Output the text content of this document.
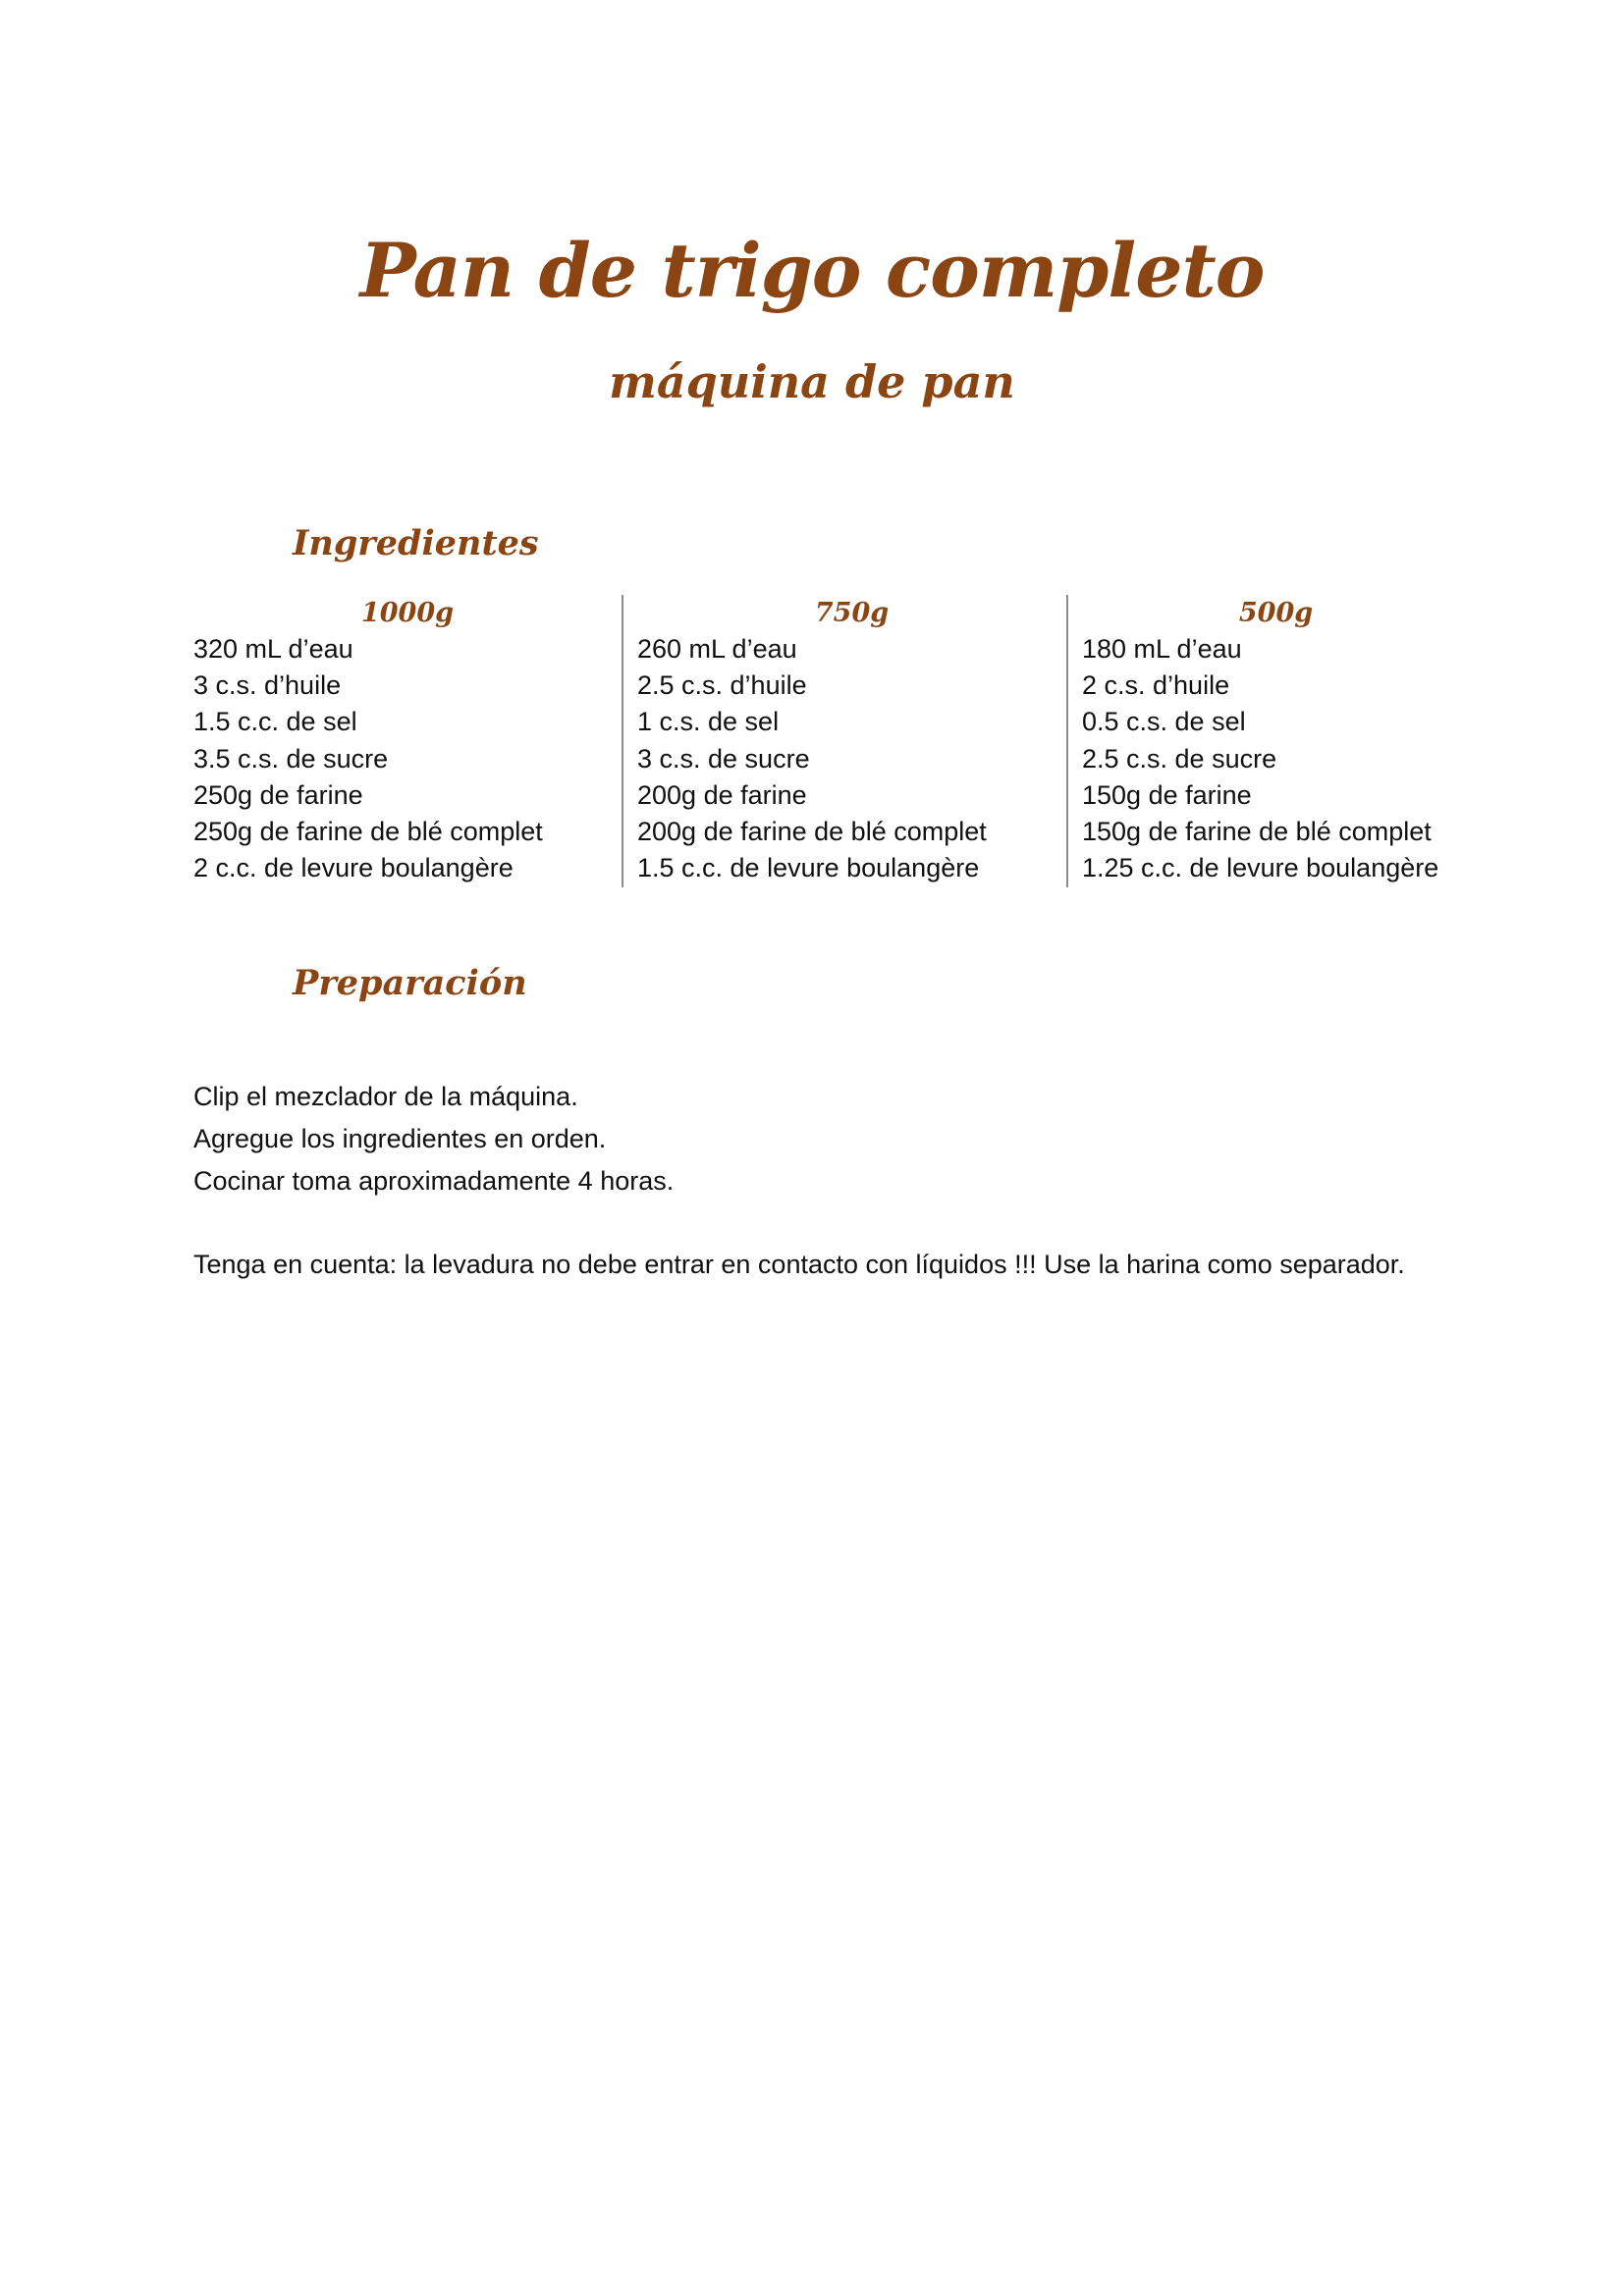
Pan de trigo completo
máquina de pan
Ingredientes
1000g
320 mL d’eau
3 c.s. d’huile
1.5 c.c. de sel
3.5 c.s. de sucre
250g de farine
250g de farine de blé complet
2 c.c. de levure boulangère
750g
260 mL d’eau
2.5 c.s. d’huile
1 c.s. de sel
3 c.s. de sucre
200g de farine
200g de farine de blé complet
1.5 c.c. de levure boulangère
500g
180 mL d’eau
2 c.s. d’huile
0.5 c.s. de sel
2.5 c.s. de sucre
150g de farine
150g de farine de blé complet
1.25 c.c. de levure boulangère
Preparación

Clip el mezclador de la máquina.

Agregue los ingredientes en orden.

Cocinar toma aproximadamente 4 horas.

Tenga en cuenta: la levadura no debe entrar en contacto con líquidos !!! Use la harina como separador.
